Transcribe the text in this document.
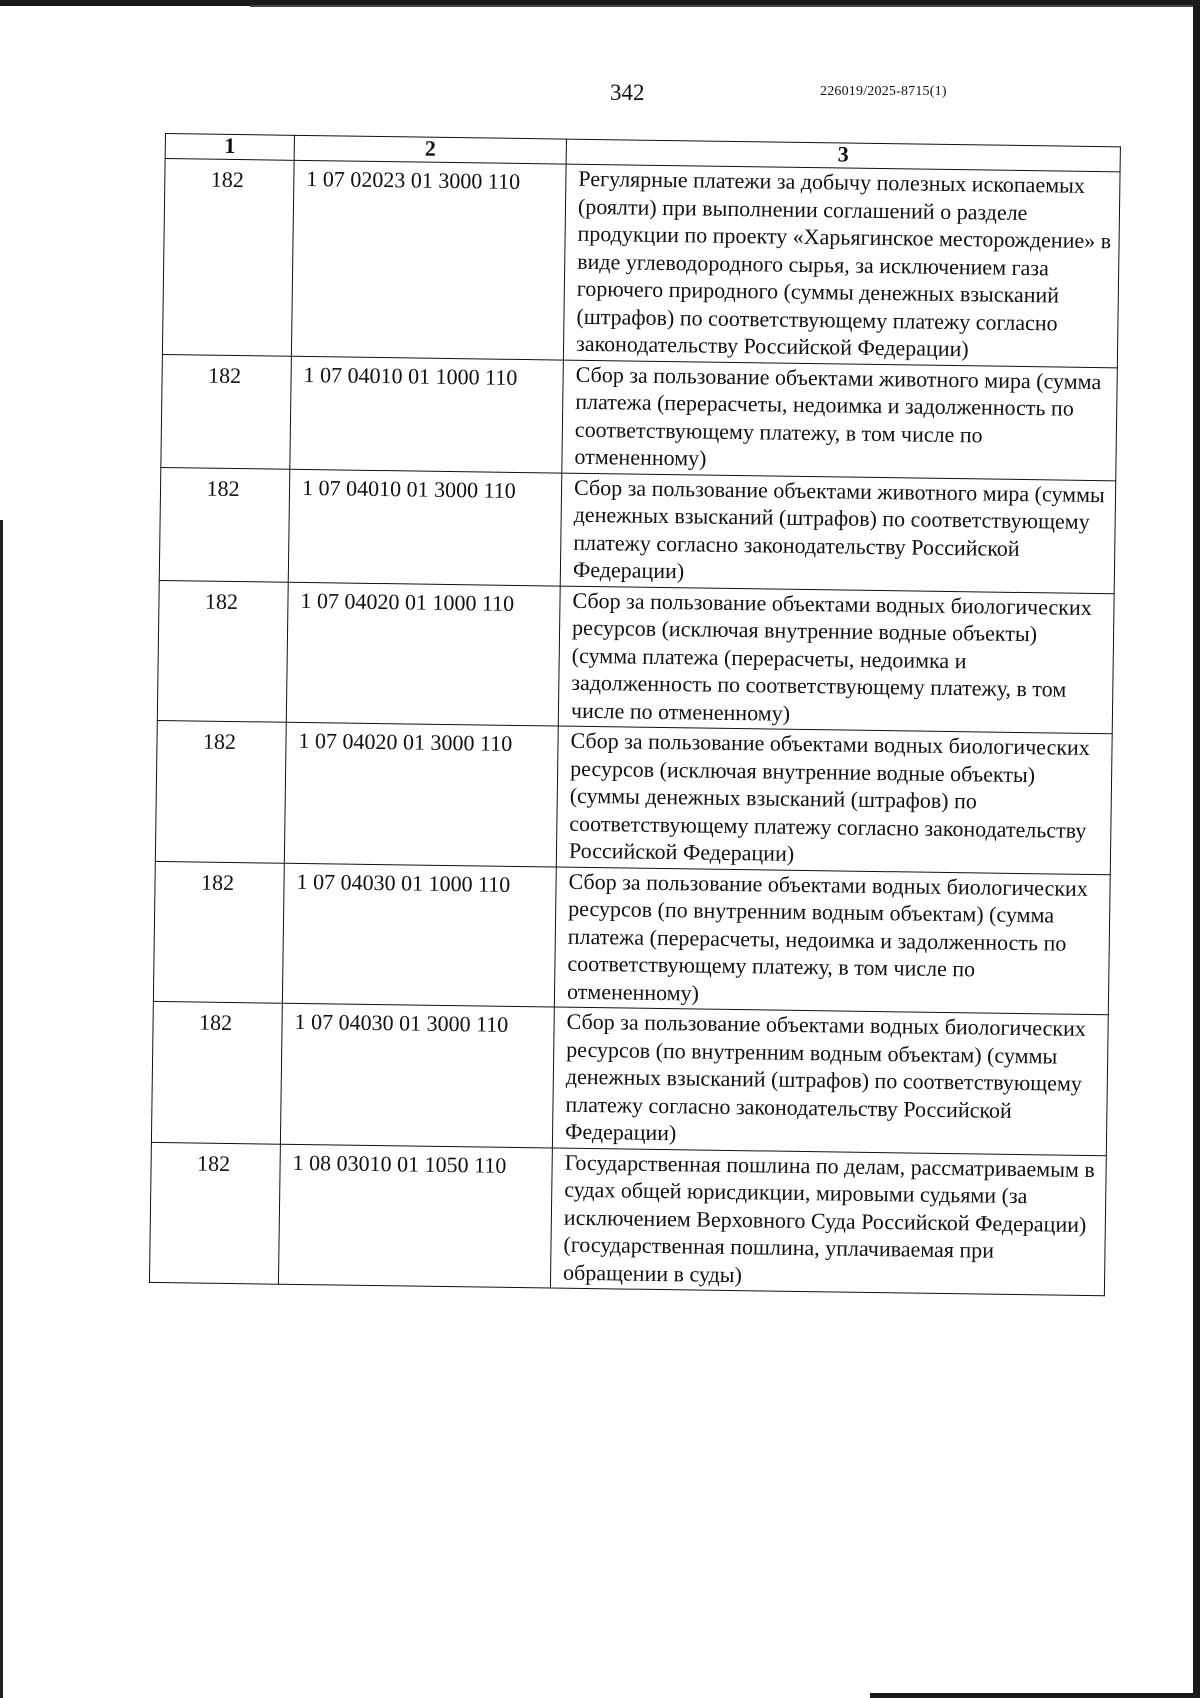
342	226019/2025-8715(1)
1	2	3
182	1 07 02023 01 3000 110	Регулярные платежи за добычу полезных ископаемых (роялти) при выполнении соглашений о разделе продукции по проекту «Харьягинское месторождение» в виде углеводородного сырья, за исключением газа горючего природного (суммы денежных взысканий (штрафов) по соответствующему платежу согласно законодательству Российской Федерации)
182	1 07 04010 01 1000 110	Сбор за пользование объектами животного мира (сумма платежа (перерасчеты, недоимка и задолженность по соответствующему платежу, в том числе по отмененному)
182	1 07 04010 01 3000 110	Сбор за пользование объектами животного мира (суммы денежных взысканий (штрафов) по соответствующему платежу согласно законодательству Российской Федерации)
182	1 07 04020 01 1000 110	Сбор за пользование объектами водных биологических ресурсов (исключая внутренние водные объекты) (сумма платежа (перерасчеты, недоимка и задолженность по соответствующему платежу, в том числе по отмененному)
182	1 07 04020 01 3000 110	Сбор за пользование объектами водных биологических ресурсов (исключая внутренние водные объекты) (суммы денежных взысканий (штрафов) по соответствующему платежу согласно законодательству Российской Федерации)
182	1 07 04030 01 1000 110	Сбор за пользование объектами водных биологических ресурсов (по внутренним водным объектам) (сумма платежа (перерасчеты, недоимка и задолженность по соответствующему платежу, в том числе по отмененному)
182	1 07 04030 01 3000 110	Сбор за пользование объектами водных биологических ресурсов (по внутренним водным объектам) (суммы денежных взысканий (штрафов) по соответствующему платежу согласно законодательству Российской Федерации)
182	1 08 03010 01 1050 110	Государственная пошлина по делам, рассматриваемым в судах общей юрисдикции, мировыми судьями (за исключением Верховного Суда Российской Федерации) (государственная пошлина, уплачиваемая при обращении в суды)
